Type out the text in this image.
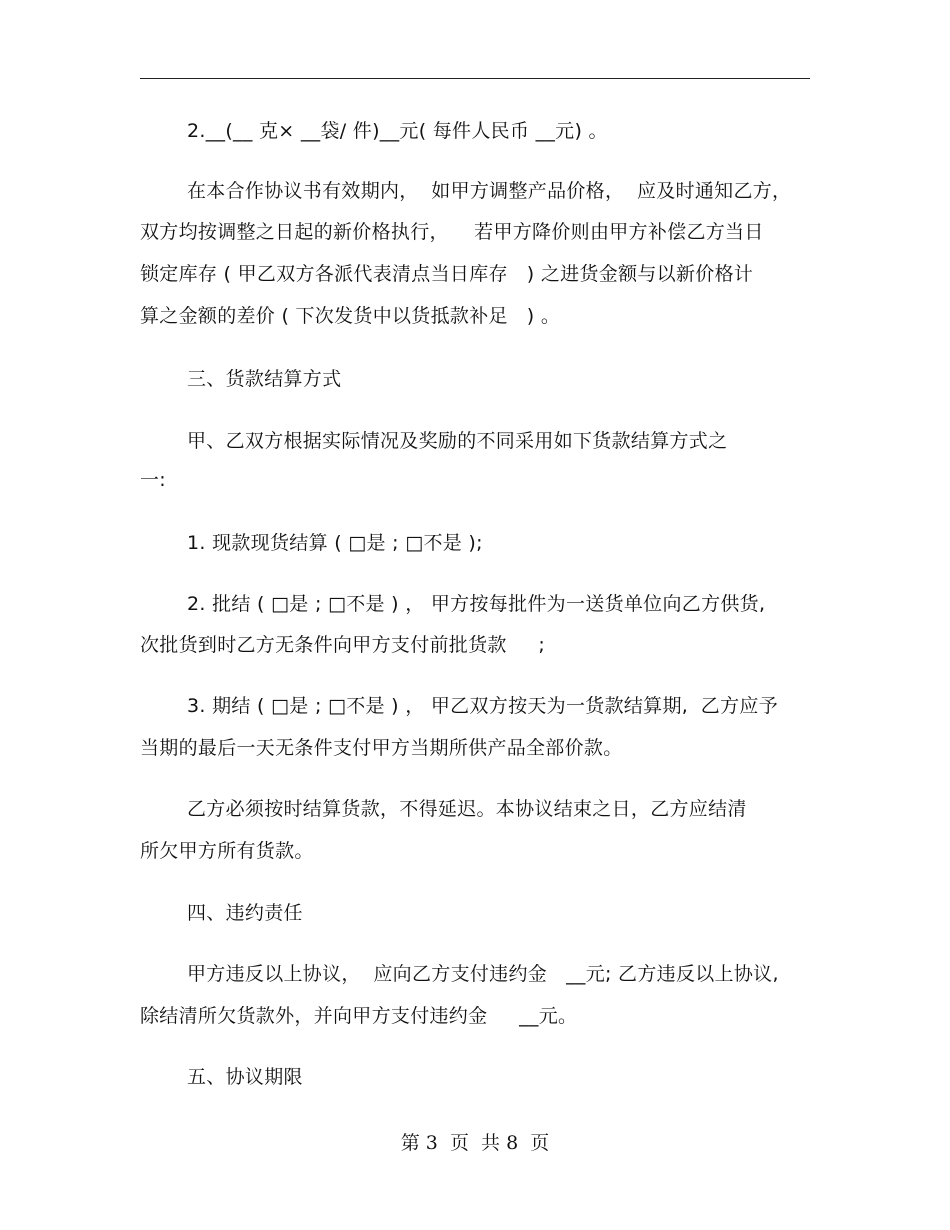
2.__(__ 克× __袋/ 件)__元( 每件人民币 __元) 。
在本合作协议书有效期内，  如甲方调整产品价格，  应及时通知乙方，
双方均按调整之日起的新价格执行，    若甲方降价则由甲方补偿乙方当日
锁定库存 ( 甲乙双方各派代表清点当日库存   ) 之进货金额与以新价格计
算之金额的差价 ( 下次发货中以货抵款补足   ) 。
三、货款结算方式
甲、乙双方根据实际情况及奖励的不同采用如下货款结算方式之
一:
1. 现款现货结算 ( □是 ; □不是 );
2. 批结 ( □是 ; □不是 ) ， 甲方按每批件为一送货单位向乙方供货,
次批货到时乙方无条件向甲方支付前批货款     ;
3. 期结 ( □是 ; □不是 ) ， 甲乙双方按天为一货款结算期,  乙方应予
当期的最后一天无条件支付甲方当期所供产品全部价款。
乙方必须按时结算货款，不得延迟。本协议结束之日，乙方应结清
所欠甲方所有货款。
四、违约责任
甲方违反以上协议，  应向乙方支付违约金   __元; 乙方违反以上协议,
除结清所欠货款外，并向甲方支付违约金     __元。
五、协议期限
第 3  页  共 8  页
